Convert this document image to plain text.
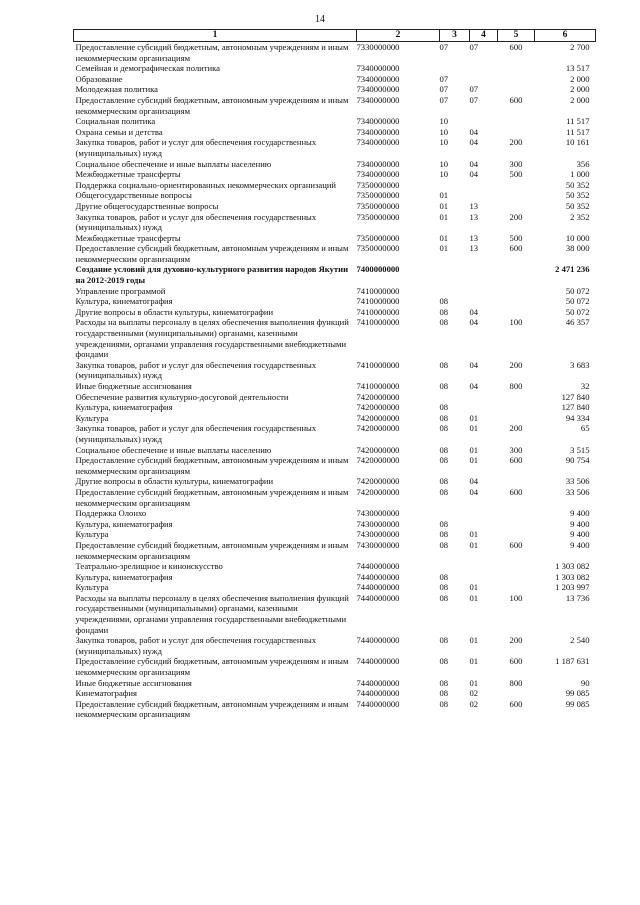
14
1	2	3	4	5	6
Предоставление субсидий бюджетным, автономным учреждениям и иным некоммерческим организациям	7330000000	07	07	600	2 700
Семейная и демографическая политика	7340000000				13 517
Образование	7340000000	07			2 000
Молодежная политика	7340000000	07	07		2 000
Предоставление субсидий бюджетным, автономным учреждениям и иным некоммерческим организациям	7340000000	07	07	600	2 000
Социальная политика	7340000000	10			11 517
Охрана семьи и детства	7340000000	10	04		11 517
Закупка товаров, работ и услуг для обеспечения государственных (муниципальных) нужд	7340000000	10	04	200	10 161
Социальное обеспечение и иные выплаты населению	7340000000	10	04	300	356
Межбюджетные трансферты	7340000000	10	04	500	1 000
Поддержка социально-ориентированных некоммерческих организаций	7350000000				50 352
Общегосударственные вопросы	7350000000	01			50 352
Другие общегосударственные вопросы	7350000000	01	13		50 352
Закупка товаров, работ и услуг для обеспечения государственных (муниципальных) нужд	7350000000	01	13	200	2 352
Межбюджетные трансферты	7350000000	01	13	500	10 000
Предоставление субсидий бюджетным, автономным учреждениям и иным некоммерческим организациям	7350000000	01	13	600	38 000
Создание условий для духовно-культурного развития народов Якутии на 2012-2019 годы	7400000000				2 471 236
Управление программой	7410000000				50 072
Культура, кинематография	7410000000	08			50 072
Другие вопросы в области культуры, кинематографии	7410000000	08	04		50 072
Расходы на выплаты персоналу в целях обеспечения выполнения функций государственными (муниципальными) органами, казенными учреждениями, органами управления государственными внебюджетными фондами	7410000000	08	04	100	46 357
Закупка товаров, работ и услуг для обеспечения государственных (муниципальных) нужд	7410000000	08	04	200	3 683
Иные бюджетные ассигнования	7410000000	08	04	800	32
Обеспечение развития культурно-досуговой деятельности	7420000000				127 840
Культура, кинематография	7420000000	08			127 840
Культура	7420000000	08	01		94 334
Закупка товаров, работ и услуг для обеспечения государственных (муниципальных) нужд	7420000000	08	01	200	65
Социальное обеспечение и иные выплаты населению	7420000000	08	01	300	3 515
Предоставление субсидий бюджетным, автономным учреждениям и иным некоммерческим организациям	7420000000	08	01	600	90 754
Другие вопросы в области культуры, кинематографии	7420000000	08	04		33 506
Предоставление субсидий бюджетным, автономным учреждениям и иным некоммерческим организациям	7420000000	08	04	600	33 506
Поддержка Олонхо	7430000000				9 400
Культура, кинематография	7430000000	08			9 400
Культура	7430000000	08	01		9 400
Предоставление субсидий бюджетным, автономным учреждениям и иным некоммерческим организациям	7430000000	08	01	600	9 400
Театрально-зрелищное и киноискусство	7440000000				1 303 082
Культура, кинематография	7440000000	08			1 303 082
Культура	7440000000	08	01		1 203 997
Расходы на выплаты персоналу в целях обеспечения выполнения функций государственными (муниципальными) органами, казенными учреждениями, органами управления государственными внебюджетными фондами	7440000000	08	01	100	13 736
Закупка товаров, работ и услуг для обеспечения государственных (муниципальных) нужд	7440000000	08	01	200	2 540
Предоставление субсидий бюджетным, автономным учреждениям и иным некоммерческим организациям	7440000000	08	01	600	1 187 631
Иные бюджетные ассигнования	7440000000	08	01	800	90
Кинематография	7440000000	08	02		99 085
Предоставление субсидий бюджетным, автономным учреждениям и иным некоммерческим организациям	7440000000	08	02	600	99 085
